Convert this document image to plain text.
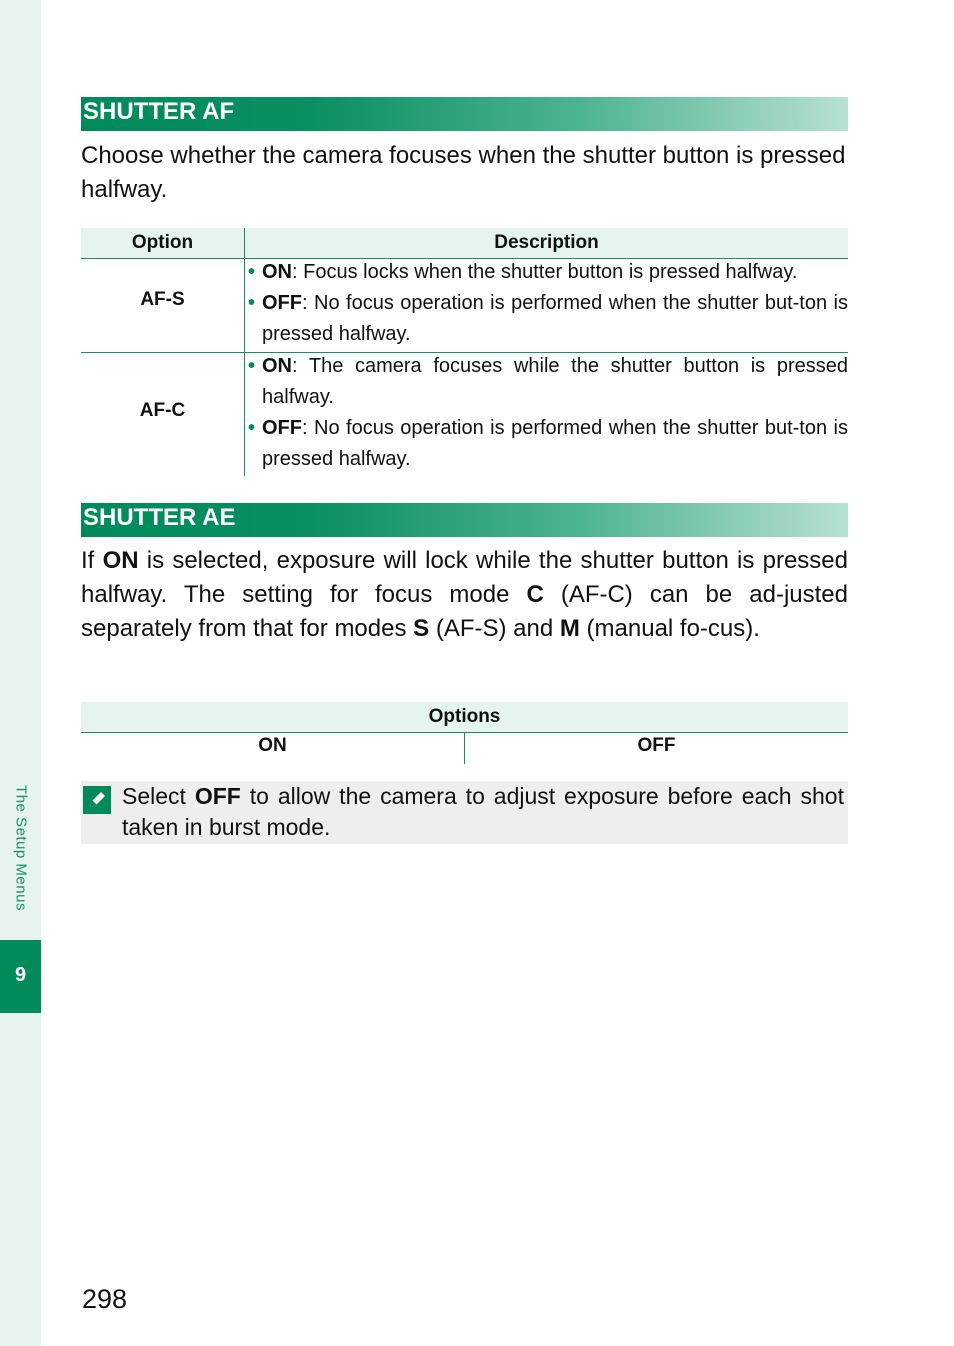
The Setup Menus
9
SHUTTER AF

Choose whether the camera focuses when the shutter button is pressed halfway.

Option	Description
AF-S
• ON: Focus locks when the shutter button is pressed halfway.
• OFF: No focus operation is performed when the shutter but-ton is pressed halfway.
AF-C
• ON: The camera focuses while the shutter button is pressed halfway.
• OFF: No focus operation is performed when the shutter but-ton is pressed halfway.
SHUTTER AE

If ON is selected, exposure will lock while the shutter button is pressed halfway. The setting for focus mode C (AF-C) can be ad-justed separately from that for modes S (AF-S) and M (manual fo-cus).

Options
ON	OFF

Select OFF to allow the camera to adjust exposure before each shot taken in burst mode.

298
